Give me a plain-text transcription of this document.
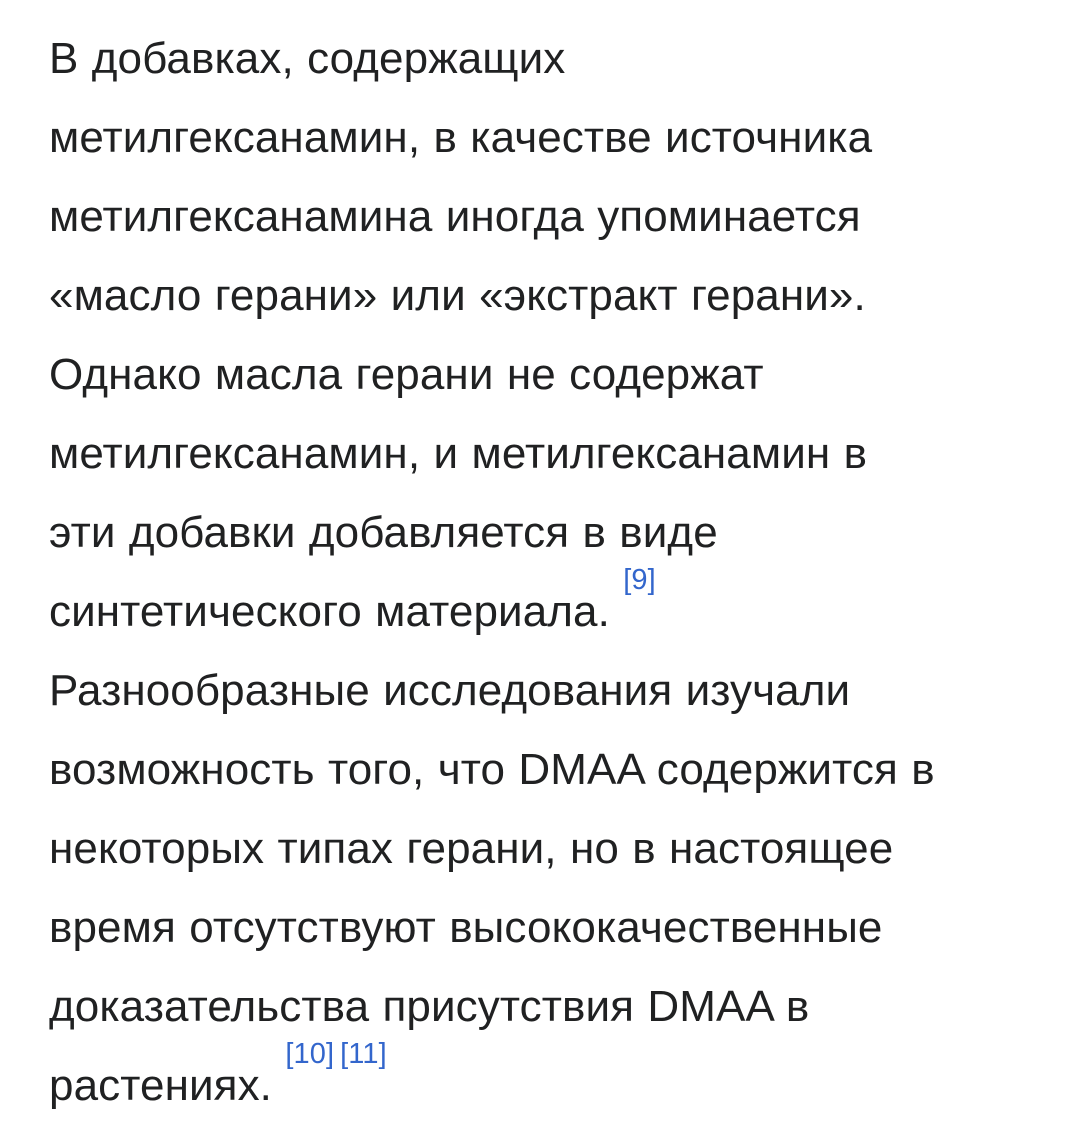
В добавках, содержащих
метилгексанамин, в качестве источника
метилгексанамина иногда упоминается
«масло герани» или «экстракт герани».
Однако масла герани не содержат
метилгексанамин, и метилгексанамин в
эти добавки добавляется в виде
синтетического материала. [9]
Разнообразные исследования изучали
возможность того, что DMAA содержится в
некоторых типах герани, но в настоящее
время отсутствуют высококачественные
доказательства присутствия DMAA в
растениях. [10] [11]
